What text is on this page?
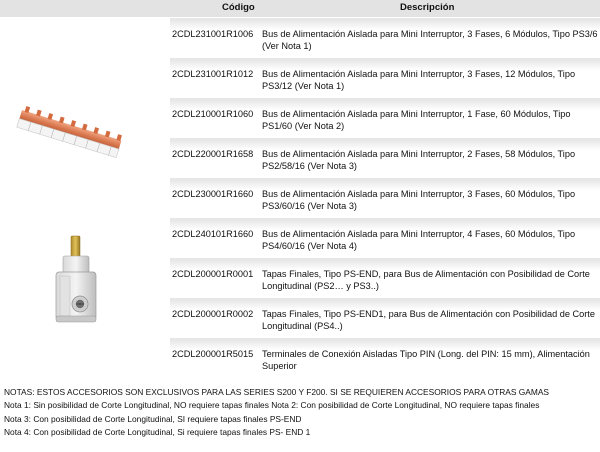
Código	Descripción
2CDL231001R1006 Bus de Alimentación Aislada para Mini Interruptor, 3 Fases, 6 Módulos, Tipo PS3/6 (Ver Nota 1)
2CDL231001R1012 Bus de Alimentación Aislada para Mini Interruptor, 3 Fases, 12 Módulos, Tipo PS3/12 (Ver Nota 1)
2CDL210001R1060 Bus de Alimentación Aislada para Mini Interruptor, 1 Fase, 60 Módulos, Tipo PS1/60 (Ver Nota 2)
2CDL220001R1658 Bus de Alimentación Aislada para Mini Interruptor, 2 Fases, 58 Módulos, Tipo PS2/58/16 (Ver Nota 3)
2CDL230001R1660 Bus de Alimentación Aislada para Mini Interruptor, 3 Fases, 60 Módulos, Tipo PS3/60/16 (Ver Nota 3)
2CDL240101R1660 Bus de Alimentación Aislada para Mini Interruptor, 4 Fases, 60 Módulos, Tipo PS4/60/16 (Ver Nota 4)
2CDL200001R0001 Tapas Finales, Tipo PS-END, para Bus de Alimentación con Posibilidad de Corte Longitudinal (PS2… y PS3..)
2CDL200001R0002 Tapas Finales, Tipo PS-END1, para Bus de Alimentación con Posibilidad de Corte Longitudinal (PS4..)
2CDL200001R5015 Terminales de Conexión Aisladas Tipo PIN (Long. del PIN: 15 mm), Alimentación Superior
NOTAS: ESTOS ACCESORIOS SON EXCLUSIVOS PARA LAS SERIES S200 Y F200. SI SE REQUIEREN ACCESORIOS PARA OTRAS GAMAS
Nota 1: Sin posibilidad de Corte Longitudinal, NO requiere tapas finales Nota 2: Con posibilidad de Corte Longitudinal, NO requiere tapas finales
Nota 3: Con posibilidad de Corte Longitudinal, SI requiere tapas finales PS-END
Nota 4: Con posibilidad de Corte Longitudinal, Si requiere tapas finales PS- END 1
